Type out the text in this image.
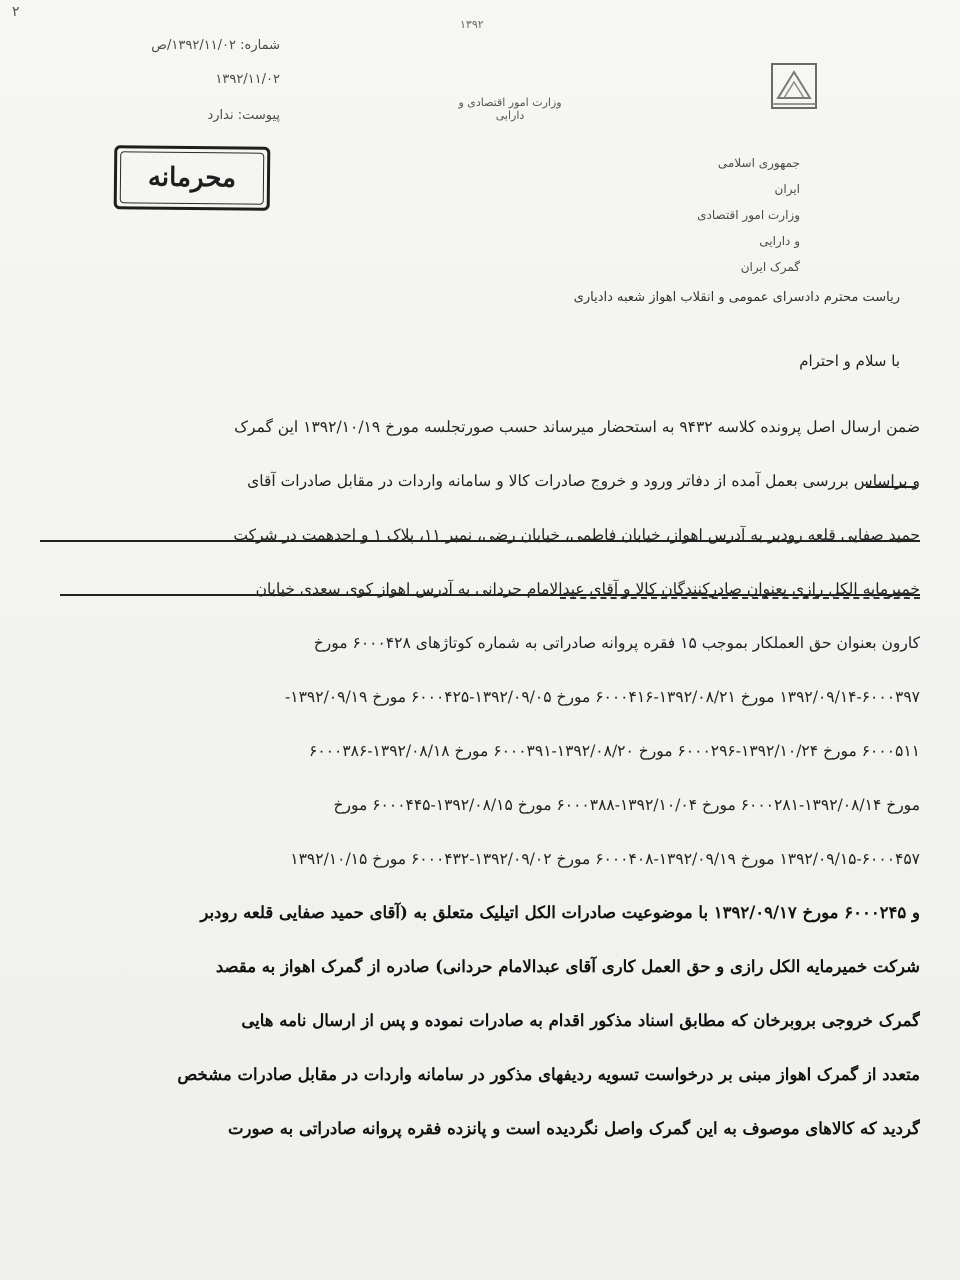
۲
۱۳۹۲
شماره: ۱۳۹۲/۱۱/۰۲/ص
۱۳۹۲/۱۱/۰۲
پیوست: ندارد
محرمانه
وزارت امور اقتصادی و دارایی
جمهوری اسلامی ایران
وزارت امور اقتصادی و دارایی
گمرک ایران
ریاست محترم دادسرای عمومی و انقلاب اهواز شعبه دادیاری
با سلام و احترام
ضمن ارسال اصل پرونده کلاسه ۹۴۳۲ به استحضار میرساند حسب صورتجلسه مورخ ۱۳۹۲/۱۰/۱۹ این گمرک
و براساس بررسی بعمل آمده از دفاتر ورود و خروج صادرات کالا و سامانه واردات در مقابل صادرات آقای
حمید صفایی قلعه رودبر به آدرس اهواز، خیابان فاطمی، خیابان رضی، نمبر ۱۱، پلاک ۱ و احدهمت در شرکت
خمیرمایه الکل رازی بعنوان صادرکنندگان کالا و آقای عبدالامام حردانی به آدرس اهواز کوی سعدی خیابان
کارون بعنوان حق العملکار بموجب ۱۵ فقره پروانه صادراتی به شماره کوتاژهای ۶۰۰۰۴۲۸ مورخ
۱۳۹۲/۰۹/۱۴-۶۰۰۰۳۹۷ مورخ ۱۳۹۲/۰۸/۲۱-۶۰۰۰۴۱۶ مورخ ۱۳۹۲/۰۹/۰۵-۶۰۰۰۴۲۵ مورخ ۱۳۹۲/۰۹/۱۹-
۶۰۰۰۵۱۱ مورخ ۱۳۹۲/۱۰/۲۴-۶۰۰۰۲۹۶ مورخ ۱۳۹۲/۰۸/۲۰-۶۰۰۰۳۹۱ مورخ ۱۳۹۲/۰۸/۱۸-۶۰۰۰۳۸۶
مورخ ۱۳۹۲/۰۸/۱۴-۶۰۰۰۲۸۱ مورخ ۱۳۹۲/۱۰/۰۴-۶۰۰۰۳۸۸ مورخ ۱۳۹۲/۰۸/۱۵-۶۰۰۰۴۴۵ مورخ
۱۳۹۲/۰۹/۱۵-۶۰۰۰۴۵۷ مورخ ۱۳۹۲/۰۹/۱۹-۶۰۰۰۴۰۸ مورخ ۱۳۹۲/۰۹/۰۲-۶۰۰۰۴۳۲ مورخ ۱۳۹۲/۱۰/۱۵
و ۶۰۰۰۲۴۵ مورخ ۱۳۹۲/۰۹/۱۷ با موضوعیت صادرات الکل اتیلیک متعلق به (آقای حمید صفایی قلعه رودبر
شرکت خمیرمایه الکل رازی و حق العمل کاری آقای عبدالامام حردانی) صادره از گمرک اهواز به مقصد
گمرک خروجی بروبرخان که مطابق اسناد مذکور اقدام به صادرات نموده و پس از ارسال نامه هایی
متعدد از گمرک اهواز مبنی بر درخواست تسویه ردیفهای مذکور در سامانه واردات در مقابل صادرات مشخص
گردید که کالاهای موصوف به این گمرک واصل نگردیده است و پانزده فقره پروانه صادراتی به صورت
